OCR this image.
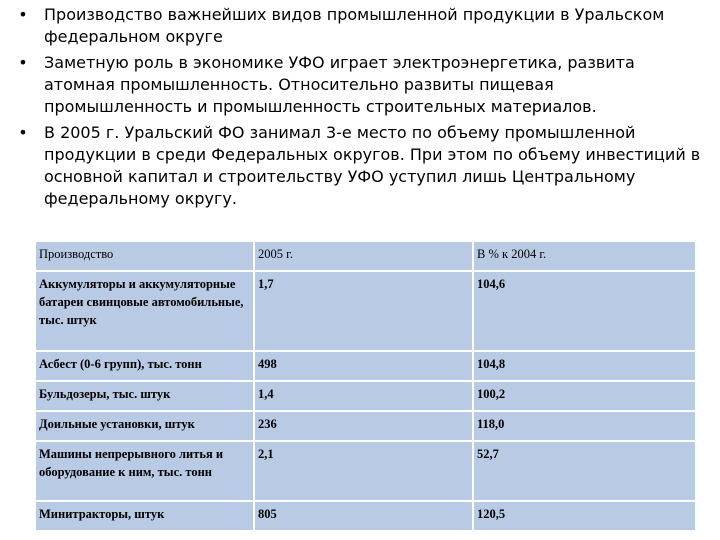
• Производство важнейших видов промышленной продукции в Уральском федеральном округе
• Заметную роль в экономике УФО играет электроэнергетика, развита атомная промышленность. Относительно развиты пищевая промышленность и промышленность строительных материалов.
• В 2005 г. Уральский ФО занимал 3-е место по объему промышленной продукции в среди Федеральных округов. При этом по объему инвестиций в основной капитал и строительству УФО уступил лишь Центральному федеральному округу.
Производство	2005 г.	В % к 2004 г.
Аккумуляторы и аккумуляторные батареи свинцовые автомобильные, тыс. штук	1,7	104,6
Асбест (0-6 групп), тыс. тонн	498	104,8
Бульдозеры, тыс. штук	1,4	100,2
Доильные установки, штук	236	118,0
Машины непрерывного литья и оборудование к ним, тыс. тонн	2,1	52,7
Минитракторы, штук	805	120,5
